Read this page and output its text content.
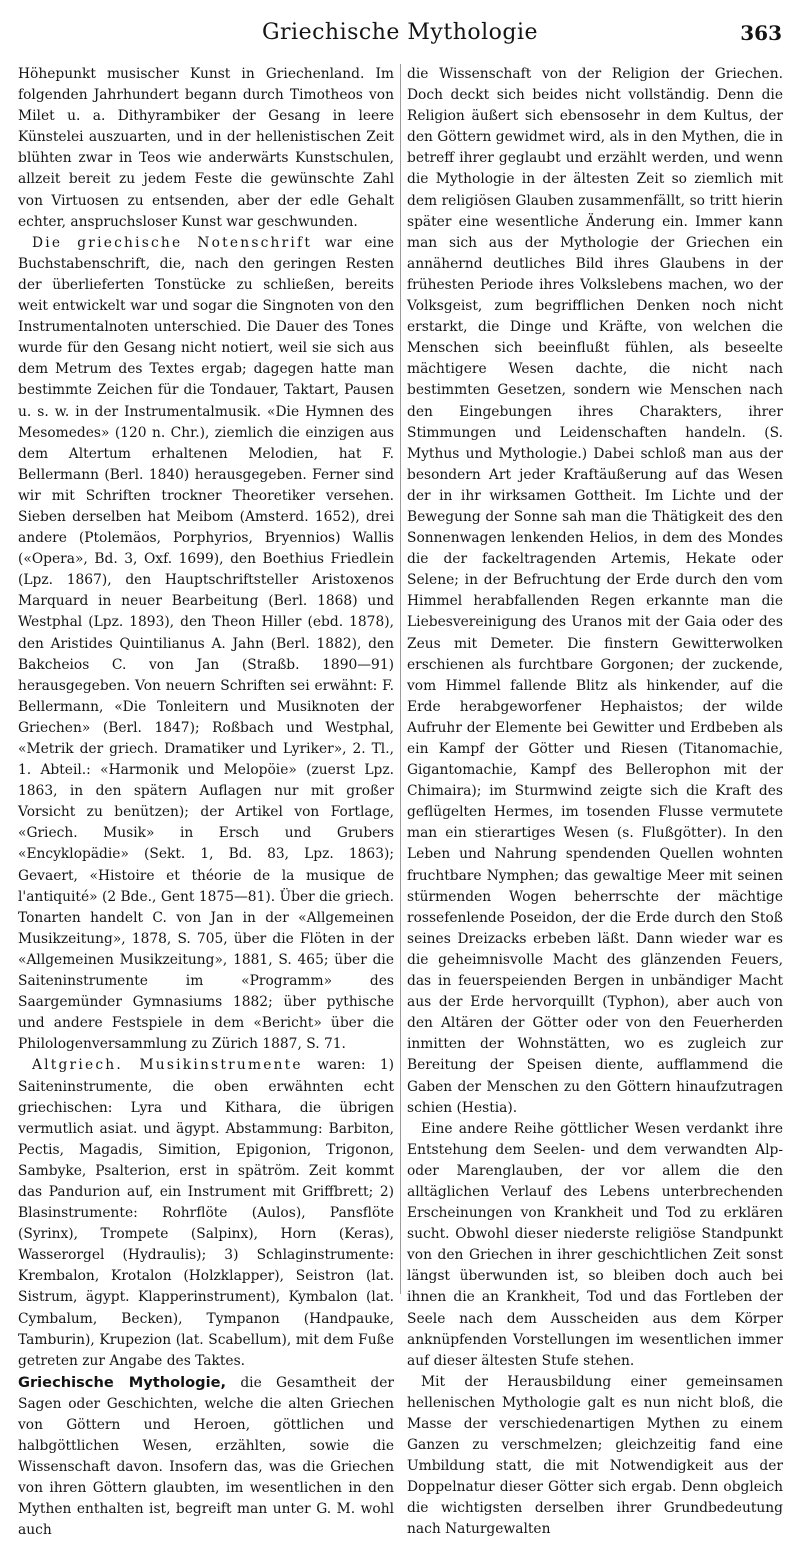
Griechische Mythologie	363

Höhepunkt musischer Kunst in Griechenland. Im folgenden Jahrhundert begann durch Timotheos von Milet u. a. Dithyrambiker der Gesang in leere Künstelei auszuarten, und in der hellenistischen Zeit blühten zwar in Teos wie anderwärts Kunstschulen, allzeit bereit zu jedem Feste die gewünschte Zahl von Virtuosen zu entsenden, aber der edle Gehalt echter, anspruchsloser Kunst war geschwunden.

Die griechische Notenschrift war eine Buchstabenschrift, die, nach den geringen Resten der überlieferten Tonstücke zu schließen, bereits weit entwickelt war und sogar die Singnoten von den Instrumentalnoten unterschied. Die Dauer des Tones wurde für den Gesang nicht notiert, weil sie sich aus dem Metrum des Textes ergab; dagegen hatte man bestimmte Zeichen für die Tondauer, Taktart, Pausen u. s. w. in der Instrumentalmusik. «Die Hymnen des Mesomedes» (120 n. Chr.), ziemlich die einzigen aus dem Altertum erhaltenen Melodien, hat F. Bellermann (Berl. 1840) herausgegeben. Ferner sind wir mit Schriften trockner Theoretiker versehen. Sieben derselben hat Meibom (Amsterd. 1652), drei andere (Ptolemäos, Porphyrios, Bryennios) Wallis («Opera», Bd. 3, Oxf. 1699), den Boethius Friedlein (Lpz. 1867), den Hauptschriftsteller Aristoxenos Marquard in neuer Bearbeitung (Berl. 1868) und Westphal (Lpz. 1893), den Theon Hiller (ebd. 1878), den Aristides Quintilianus A. Jahn (Berl. 1882), den Bakcheios C. von Jan (Straßb. 1890—91) herausgegeben. Von neuern Schriften sei erwähnt: F. Bellermann, «Die Tonleitern und Musiknoten der Griechen» (Berl. 1847); Roßbach und Westphal, «Metrik der griech. Dramatiker und Lyriker», 2. Tl., 1. Abteil.: «Harmonik und Melopöie» (zuerst Lpz. 1863, in den spätern Auflagen nur mit großer Vorsicht zu benützen); der Artikel von Fortlage, «Griech. Musik» in Ersch und Grubers «Encyklopädie» (Sekt. 1, Bd. 83, Lpz. 1863); Gevaert, «Histoire et théorie de la musique de l'antiquité» (2 Bde., Gent 1875—81). Über die griech. Tonarten handelt C. von Jan in der «Allgemeinen Musikzeitung», 1878, S. 705, über die Flöten in der «Allgemeinen Musikzeitung», 1881, S. 465; über die Saiteninstrumente im «Programm» des Saargemünder Gymnasiums 1882; über pythische und andere Festspiele in dem «Bericht» über die Philologenversammlung zu Zürich 1887, S. 71.

Altgriech. Musikinstrumente waren: 1) Saiteninstrumente, die oben erwähnten echt griechischen: Lyra und Kithara, die übrigen vermutlich asiat. und ägypt. Abstammung: Barbiton, Pectis, Magadis, Simition, Epigonion, Trigonon, Sambyke, Psalterion, erst in spätröm. Zeit kommt das Pandurion auf, ein Instrument mit Griffbrett; 2) Blasinstrumente: Rohrflöte (Aulos), Pansflöte (Syrinx), Trompete (Salpinx), Horn (Keras), Wasserorgel (Hydraulis); 3) Schlaginstrumente: Krembalon, Krotalon (Holzklapper), Seistron (lat. Sistrum, ägypt. Klapperinstrument), Kymbalon (lat. Cymbalum, Becken), Tympanon (Handpauke, Tamburin), Krupezion (lat. Scabellum), mit dem Fuße getreten zur Angabe des Taktes.

Griechische Mythologie, die Gesamtheit der Sagen oder Geschichten, welche die alten Griechen von Göttern und Heroen, göttlichen und halbgöttlichen Wesen, erzählten, sowie die Wissenschaft davon. Insofern das, was die Griechen von ihren Göttern glaubten, im wesentlichen in den Mythen enthalten ist, begreift man unter G. M. wohl auch

die Wissenschaft von der Religion der Griechen. Doch deckt sich beides nicht vollständig. Denn die Religion äußert sich ebensosehr in dem Kultus, der den Göttern gewidmet wird, als in den Mythen, die in betreff ihrer geglaubt und erzählt werden, und wenn die Mythologie in der ältesten Zeit so ziemlich mit dem religiösen Glauben zusammenfällt, so tritt hierin später eine wesentliche Änderung ein. Immer kann man sich aus der Mythologie der Griechen ein annähernd deutliches Bild ihres Glaubens in der frühesten Periode ihres Volkslebens machen, wo der Volksgeist, zum begrifflichen Denken noch nicht erstarkt, die Dinge und Kräfte, von welchen die Menschen sich beeinflußt fühlen, als beseelte mächtigere Wesen dachte, die nicht nach bestimmten Gesetzen, sondern wie Menschen nach den Eingebungen ihres Charakters, ihrer Stimmungen und Leidenschaften handeln. (S. Mythus und Mythologie.) Dabei schloß man aus der besondern Art jeder Kraftäußerung auf das Wesen der in ihr wirksamen Gottheit. Im Lichte und der Bewegung der Sonne sah man die Thätigkeit des den Sonnenwagen lenkenden Helios, in dem des Mondes die der fackeltragenden Artemis, Hekate oder Selene; in der Befruchtung der Erde durch den vom Himmel herabfallenden Regen erkannte man die Liebesvereinigung des Uranos mit der Gaia oder des Zeus mit Demeter. Die finstern Gewitterwolken erschienen als furchtbare Gorgonen; der zuckende, vom Himmel fallende Blitz als hinkender, auf die Erde herabgeworfener Hephaistos; der wilde Aufruhr der Elemente bei Gewitter und Erdbeben als ein Kampf der Götter und Riesen (Titanomachie, Gigantomachie, Kampf des Bellerophon mit der Chimaira); im Sturmwind zeigte sich die Kraft des geflügelten Hermes, im tosenden Flusse vermutete man ein stierartiges Wesen (s. Flußgötter). In den Leben und Nahrung spendenden Quellen wohnten fruchtbare Nymphen; das gewaltige Meer mit seinen stürmenden Wogen beherrschte der mächtige rossefenlende Poseidon, der die Erde durch den Stoß seines Dreizacks erbeben läßt. Dann wieder war es die geheimnisvolle Macht des glänzenden Feuers, das in feuerspeienden Bergen in unbändiger Macht aus der Erde hervorquillt (Typhon), aber auch von den Altären der Götter oder von den Feuerherden inmitten der Wohnstätten, wo es zugleich zur Bereitung der Speisen diente, aufflammend die Gaben der Menschen zu den Göttern hinaufzutragen schien (Hestia).

Eine andere Reihe göttlicher Wesen verdankt ihre Entstehung dem Seelen- und dem verwandten Alp- oder Marenglauben, der vor allem die den alltäglichen Verlauf des Lebens unterbrechenden Erscheinungen von Krankheit und Tod zu erklären sucht. Obwohl dieser niederste religiöse Standpunkt von den Griechen in ihrer geschichtlichen Zeit sonst längst überwunden ist, so bleiben doch auch bei ihnen die an Krankheit, Tod und das Fortleben der Seele nach dem Ausscheiden aus dem Körper anknüpfenden Vorstellungen im wesentlichen immer auf dieser ältesten Stufe stehen.

Mit der Herausbildung einer gemeinsamen hellenischen Mythologie galt es nun nicht bloß, die Masse der verschiedenartigen Mythen zu einem Ganzen zu verschmelzen; gleichzeitig fand eine Umbildung statt, die mit Notwendigkeit aus der Doppelnatur dieser Götter sich ergab. Denn obgleich die wichtigsten derselben ihrer Grundbedeutung nach Naturgewalten
